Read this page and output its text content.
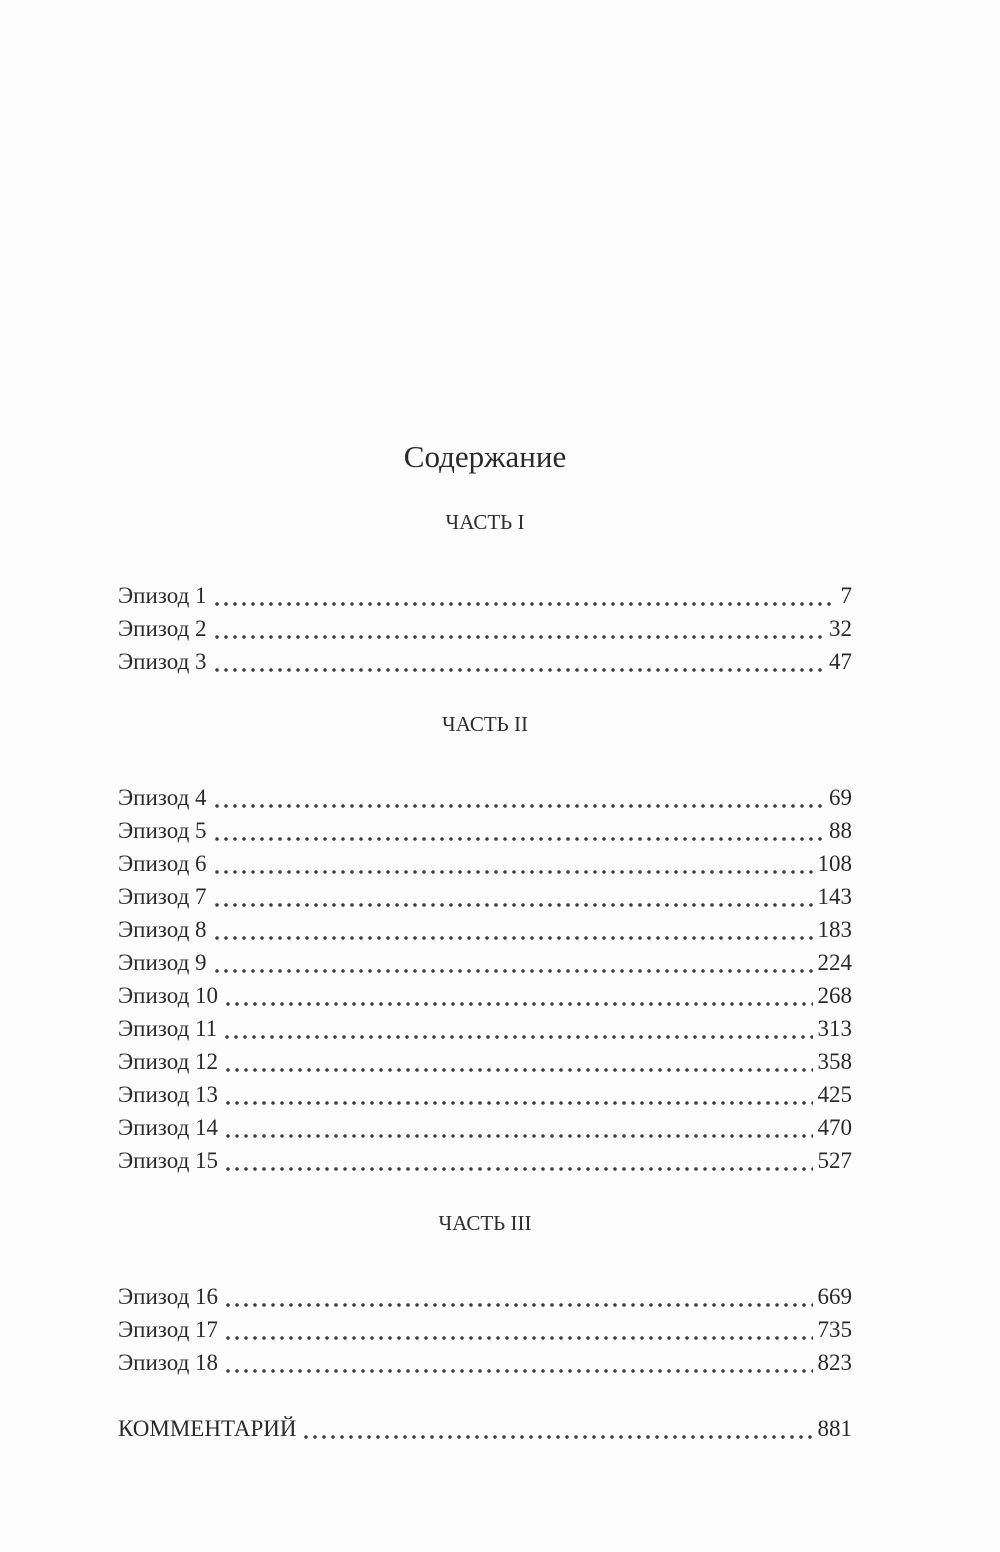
Содержание
ЧАСТЬ I
Эпизод 1	7
Эпизод 2	32
Эпизод 3	47
ЧАСТЬ II
Эпизод 4	69
Эпизод 5	88
Эпизод 6	108
Эпизод 7	143
Эпизод 8	183
Эпизод 9	224
Эпизод 10	268
Эпизод 11	313
Эпизод 12	358
Эпизод 13	425
Эпизод 14	470
Эпизод 15	527
ЧАСТЬ III
Эпизод 16	669
Эпизод 17	735
Эпизод 18	823
КОММЕНТАРИЙ	881
